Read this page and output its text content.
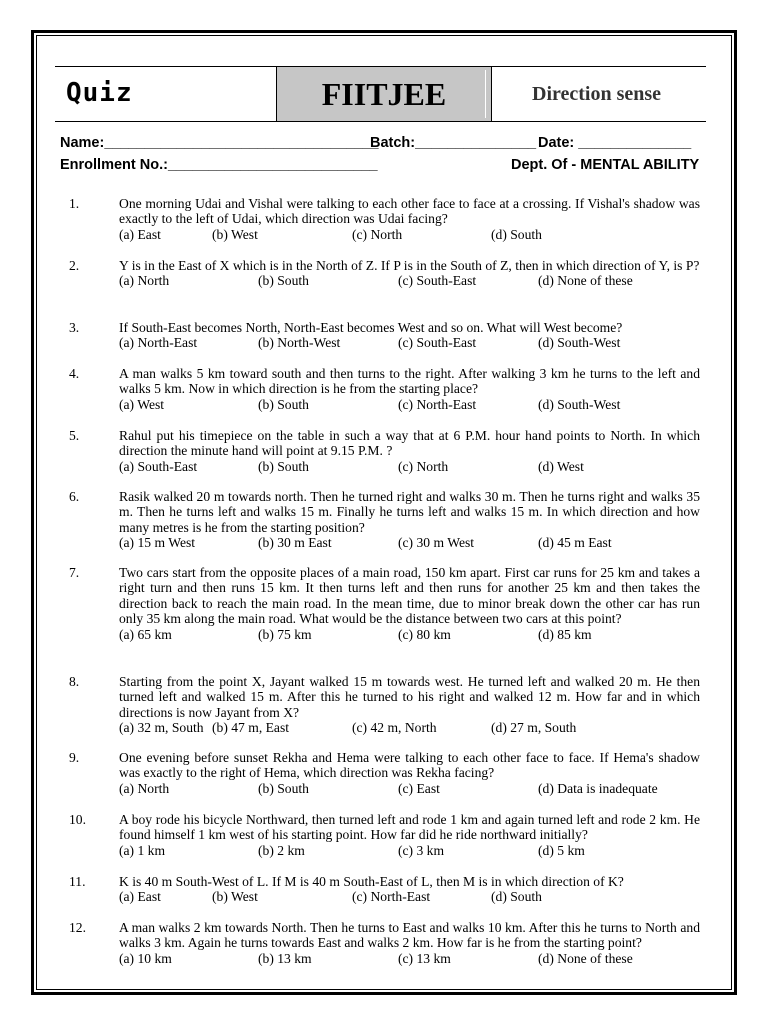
Quiz	FIITJEE	Direction sense

Name:__________________________________

Batch:_______________

Date: ______________

Enrollment No.:__________________________

	Dept. Of - MENTAL ABILITY

1.	One morning Udai and Vishal were talking to each other face to face at a crossing. If Vishal's shadow was exactly to the left of Udai, which direction was Udai facing?
(a) East	(b) West	(c) North	(d) South
2.	Y is in the East of X which is in the North of Z. If P is in the South of Z, then in which direction of Y, is P?
(a) North	(b) South	(c) South-East	(d) None of these
3.	If South-East becomes North, North-East becomes West and so on. What will West become?
(a) North-East	(b) North-West	(c) South-East	(d) South-West
4.	A man walks 5 km toward south and then turns to the right. After walking 3 km he turns to the left and walks 5 km. Now in which direction is he from the starting place?
(a) West	(b) South	(c) North-East	(d) South-West
5.	Rahul put his timepiece on the table in such a way that at 6 P.M. hour hand points to North. In which direction the minute hand will point at 9.15 P.M. ?
(a) South-East	(b) South	(c) North	(d) West
6.	Rasik walked 20 m towards north. Then he turned right and walks 30 m. Then he turns right and walks 35 m. Then he turns left and walks 15 m. Finally he turns left and walks 15 m. In which direction and how many metres is he from the starting position?
(a) 15 m West	(b) 30 m East	(c) 30 m West	(d) 45 m East
7.	Two cars start from the opposite places of a main road, 150 km apart. First car runs for 25 km and takes a right turn and then runs 15 km. It then turns left and then runs for another 25 km and then takes the direction back to reach the main road. In the mean time, due to minor break down the other car has run only 35 km along the main road. What would be the distance between two cars at this point?
(a) 65 km	(b) 75 km	(c) 80 km	(d) 85 km
8.	Starting from the point X, Jayant walked 15 m towards west. He turned left and walked 20 m. He then turned left and walked 15 m. After this he turned to his right and walked 12 m. How far and in which directions is now Jayant from X?
(a) 32 m, South (b) 47 m, East	(c) 42 m, North	(d) 27 m, South
9.	One evening before sunset Rekha and Hema were talking to each other face to face. If Hema's shadow was exactly to the right of Hema, which direction was Rekha facing?
(a) North	(b) South	(c) East	(d) Data is inadequate
10. A boy rode his bicycle Northward, then turned left and rode 1 km and again turned left and rode 2 km. He found himself 1 km west of his starting point. How far did he ride northward initially?
(a) 1 km	(b) 2 km	(c) 3 km	(d) 5 km
11. K is 40 m South-West of L. If M is 40 m South-East of L, then M is in which direction of K?
(a) East	(b) West	(c) North-East	(d) South
12. A man walks 2 km towards North. Then he turns to East and walks 10 km. After this he turns to North and walks 3 km. Again he turns towards East and walks 2 km. How far is he from the starting point?
(a) 10 km	(b) 13 km	(c) 13 km	(d) None of these
